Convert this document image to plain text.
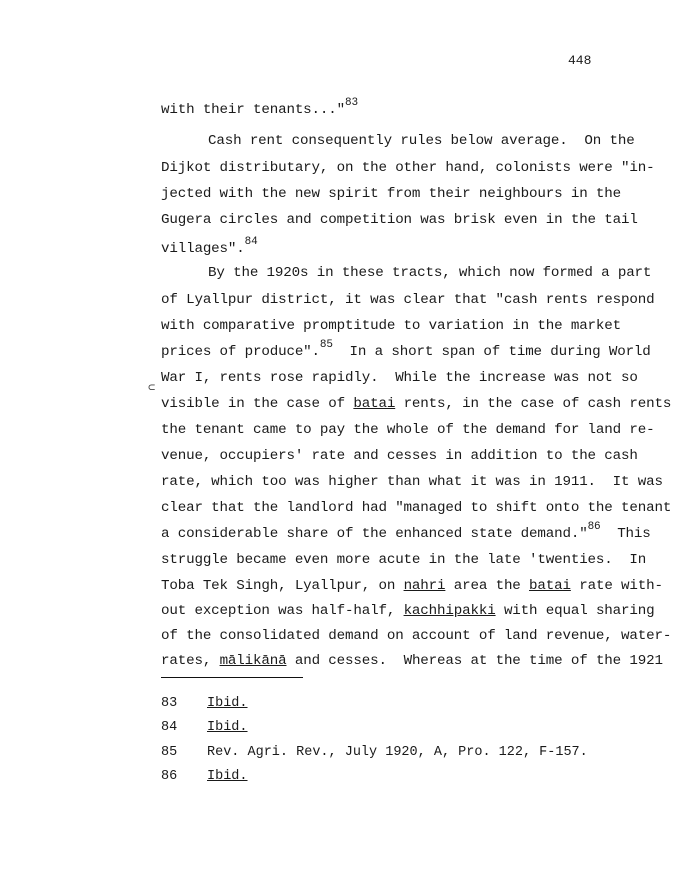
448
with their tenants..."$^{83}$
Cash rent consequently rules below average.  On the
Dijkot distributary, on the other hand, colonists were "in-
jected with the new spirit from their neighbours in the
Gugera circles and competition was brisk even in the tail
villages".$^{84}$
By the 1920s in these tracts, which now formed a part
of Lyallpur district, it was clear that "cash rents respond
with comparative promptitude to variation in the market
prices of produce".$^{85}$  In a short span of time during World
War I, rents rose rapidly.  While the increase was not so
⊂
visible in the case of batai rents, in the case of cash rents
the tenant came to pay the whole of the demand for land re-
venue, occupiers' rate and cesses in addition to the cash
rate, which too was higher than what it was in 1911.  It was
clear that the landlord had "managed to shift onto the tenant
a considerable share of the enhanced state demand."$^{86}$  This
struggle became even more acute in the late 'twenties.  In
Toba Tek Singh, Lyallpur, on nahri area the batai rate with-
out exception was half-half, kachhipakki with equal sharing
of the consolidated demand on account of land revenue, water-
rates, mālikānā and cesses.  Whereas at the time of the 1921
83 Ibid.
84 Ibid.
85 Rev. Agri. Rev., July 1920, A, Pro. 122, F-157.
86 Ibid.
